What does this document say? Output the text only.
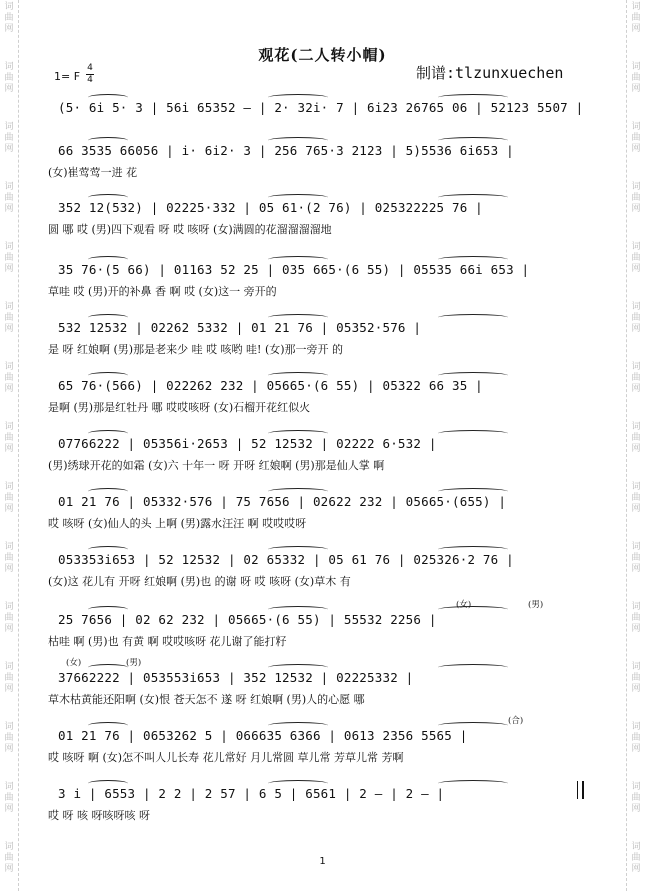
词曲网
词曲网
词曲网
词曲网
词曲网
词曲网
词曲网
词曲网
词曲网
词曲网
词曲网
词曲网
词曲网
词曲网
词曲网
词曲网
词曲网
词曲网
词曲网
词曲网
词曲网
词曲网
词曲网
词曲网
词曲网
词曲网
词曲网
词曲网
词曲网
词曲网
观花(二人转小帽)
1= F
4
4	制谱:tlzunxuechen
(5· 6i 5· 3 | 56i 65352 — | 2· 32i· 7 | 6i23 26765 06 | 52123 5507 |
66 3535 66056 | i· 6i2· 3 | 256 765·3 2123 | 5)5536 6i653 |
(女)崔莺莺一进 花
352 12(532) | 02225·332 | 05 61·(2 76) | 025322225 76 |
圆 哪 哎 (男)四下观看 呀 哎 咳呀 (女)满圆的花溜溜溜溜地
35 76·(5 66) | 01163 52 25 | 035 665·(6 55) | 05535 66i 653 |
草哇 哎 (男)开的补鼻 香 啊 哎 (女)这一 旁开的
532 12532 | 02262 5332 | 01 21 76 | 05352·576 |
是 呀 红娘啊 (男)那是老来少 哇 哎 咳哟 哇! (女)那一旁开 的
65 76·(566) | 022262 232 | 05665·(6 55) | 05322 66 35 |
是啊 (男)那是红牡丹 哪 哎哎咳呀 (女)石榴开花红似火
07766222 | 05356i·2653 | 52 12532 | 02222 6·532 |
(男)绣球开花的如霜 (女)六 十年一 呀 开呀 红娘啊 (男)那是仙人掌 啊
01 21 76 | 05332·576 | 75 7656 | 02622 232 | 05665·(655) |
哎 咳呀 (女)仙人的头 上啊 (男)露水汪汪 啊 哎哎哎呀
053353i653 | 52 12532 | 02 65332 | 05 61 76 | 025326·2 76 |
(女)这 花儿有 开呀 红娘啊 (男)也 的谢 呀 哎 咳呀 (女)草木 有
25 7656 | 02 62 232 | 05665·(6 55) | 55532 2256 |
枯哇 啊 (男)也 有黄 啊 哎哎咳呀 花儿谢了能打籽
(女)	(男)
37662222 | 053553i653 | 352 12532 | 02225332 |
草木枯黄能还阳啊 (女)恨 苍天怎不 遂 呀 红娘啊 (男)人的心愿 哪
(女)	(男)
01 21 76 | 0653262 5 | 066635 6366 | 0613 2356 5565 |
哎 咳呀 啊 (女)怎不叫人儿长寿 花儿常好 月儿常圆 草儿常 芳草儿常 芳啊
(合)
3 i | 6553 | 2 2 | 2 57 | 6 5 | 6561 | 2 — | 2 — |
哎 呀 咳 呀咳呀咳 呀
1
